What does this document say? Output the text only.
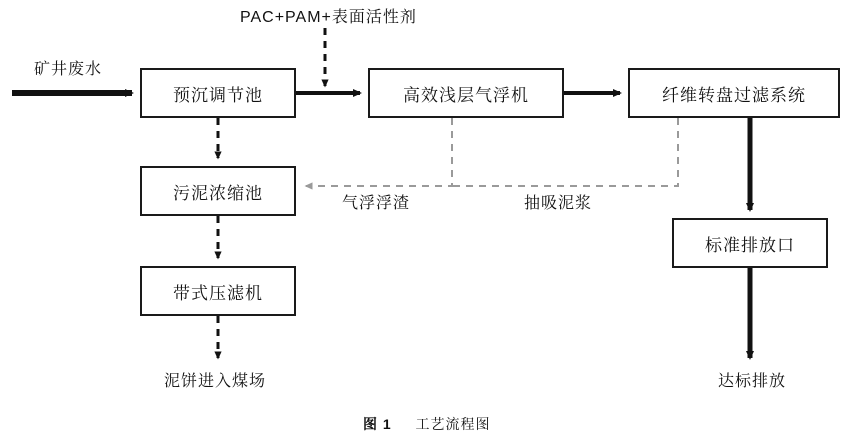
预沉调节池	高效浅层气浮机	纤维转盘过滤系统
污泥浓缩池
带式压滤机
标准排放口
PAC+PAM+表面活性剂
矿井废水
气浮浮渣	抽吸泥浆
泥饼进入煤场	达标排放
图 1 工艺流程图
